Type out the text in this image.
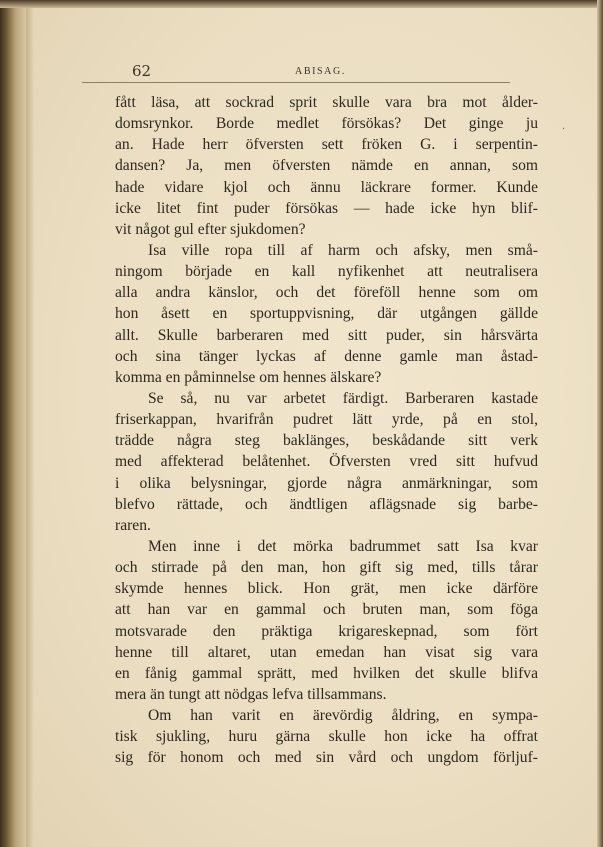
62	ABISAG.
·
fått läsa, att sockrad sprit skulle vara bra mot ålder-
domsrynkor. Borde medlet försökas? Det ginge ju
an. Hade herr öfversten sett fröken G. i serpentin-
dansen? Ja, men öfversten nämde en annan, som
hade vidare kjol och ännu läckrare former. Kunde
icke litet fint puder försökas — hade icke hyn blif-
vit något gul efter sjukdomen?
Isa ville ropa till af harm och afsky, men små-
ningom började en kall nyfikenhet att neutralisera
alla andra känslor, och det föreföll henne som om
hon åsett en sportuppvisning, där utgången gällde
allt. Skulle barberaren med sitt puder, sin hårsvärta
och sina tänger lyckas af denne gamle man åstad-
komma en påminnelse om hennes älskare?
Se så, nu var arbetet färdigt. Barberaren kastade
friserkappan, hvarifrån pudret lätt yrde, på en stol,
trädde några steg baklänges, beskådande sitt verk
med affekterad belåtenhet. Öfversten vred sitt hufvud
i olika belysningar, gjorde några anmärkningar, som
blefvo rättade, och ändtligen aflägsnade sig barbe-
raren.
Men inne i det mörka badrummet satt Isa kvar
och stirrade på den man, hon gift sig med, tills tårar
skymde hennes blick. Hon grät, men icke därföre
att han var en gammal och bruten man, som föga
motsvarade den präktiga krigareskepnad, som fört
henne till altaret, utan emedan han visat sig vara
en fånig gammal sprätt, med hvilken det skulle blifva
mera än tungt att nödgas lefva tillsammans.
Om han varit en ärevördig åldring, en sympa-
tisk sjukling, huru gärna skulle hon icke ha offrat
sig för honom och med sin vård och ungdom förljuf-
